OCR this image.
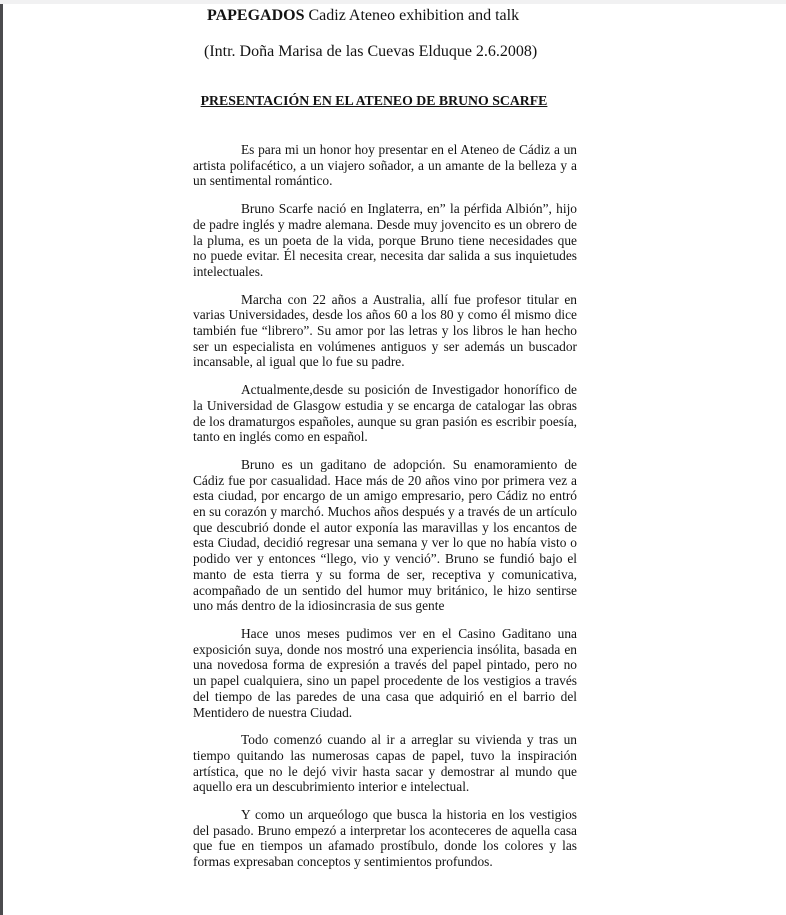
PAPEGADOS Cadiz Ateneo exhibition and talk

(Intr. Doña Marisa de las Cuevas Elduque 2.6.2008)

PRESENTACIÓN EN EL ATENEO DE BRUNO SCARFE

Es para mi un honor hoy presentar en el Ateneo de Cádiz a un artista polifacético, a un viajero soñador, a un amante de la belleza y a un sentimental romántico.

Bruno Scarfe nació en Inglaterra, en” la pérfida Albión”, hijo de padre inglés y madre alemana. Desde muy jovencito es un obrero de la pluma, es un poeta de la vida, porque Bruno tiene necesidades que no puede evitar. Él necesita crear, necesita dar salida a sus inquietudes intelectuales.

Marcha con 22 años a Australia, allí fue profesor titular en varias Universidades, desde los años 60 a los 80 y como él mismo dice también fue “librero”. Su amor por las letras y los libros le han hecho ser un especialista en volúmenes antiguos y ser además un buscador incansable, al igual que lo fue su padre.

Actualmente,desde su posición de Investigador honorífico de la Universidad de Glasgow estudia y se encarga de catalogar las obras de los dramaturgos españoles, aunque su gran pasión es escribir poesía, tanto en inglés como en español.

Bruno es un gaditano de adopción. Su enamoramiento de Cádiz fue por casualidad. Hace más de 20 años vino por primera vez a esta ciudad, por encargo de un amigo empresario, pero Cádiz no entró en su corazón y marchó. Muchos años después y a través de un artículo que descubrió donde el autor exponía las maravillas y los encantos de esta Ciudad, decidió regresar una semana y ver lo que no había visto o podido ver y entonces “llego, vio y venció”. Bruno se fundió bajo el manto de esta tierra y su forma de ser, receptiva y comunicativa, acompañado de un sentido del humor muy británico, le hizo sentirse uno más dentro de la idiosincrasia de sus gente

Hace unos meses pudimos ver en el Casino Gaditano una exposición suya, donde nos mostró una experiencia insólita, basada en una novedosa forma de expresión a través del papel pintado, pero no un papel cualquiera, sino un papel procedente de los vestigios a través del tiempo de las paredes de una casa que adquirió en el barrio del Mentidero de nuestra Ciudad.

Todo comenzó cuando al ir a arreglar su vivienda y tras un tiempo quitando las numerosas capas de papel, tuvo la inspiración artística, que no le dejó vivir hasta sacar y demostrar al mundo que aquello era un descubrimiento interior e intelectual.

Y como un arqueólogo que busca la historia en los vestigios del pasado. Bruno empezó a interpretar los aconteceres de aquella casa que fue en tiempos un afamado prostíbulo, donde los colores y las formas expresaban conceptos y sentimientos profundos.
